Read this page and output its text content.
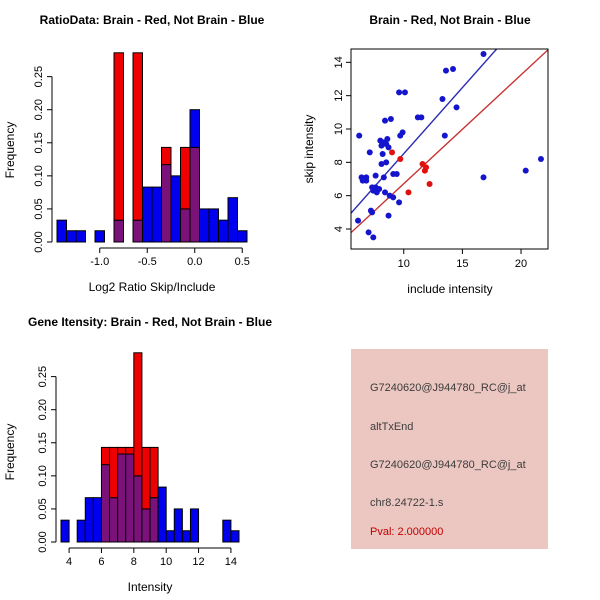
RatioData: Brain - Red, Not Brain - Blue
Log2 Ratio Skip/Include
Frequency
-1.0	-0.5	0.0	0.5
0.00
0.05
0.10
0.15
0.20
0.25
Brain - Red, Not Brain - Blue
include intensity
skip intensity
10	15	20
4
6
8
10
12
14
Gene Itensity: Brain - Red, Not Brain - Blue
Intensity
Frequency
4 6 8 10 12 14
0.00
0.05
0.10
0.15
0.20
0.25
G7240620@J944780_RC@j_at
altTxEnd
G7240620@J944780_RC@j_at
chr8.24722-1.s
Pval: 2.000000
